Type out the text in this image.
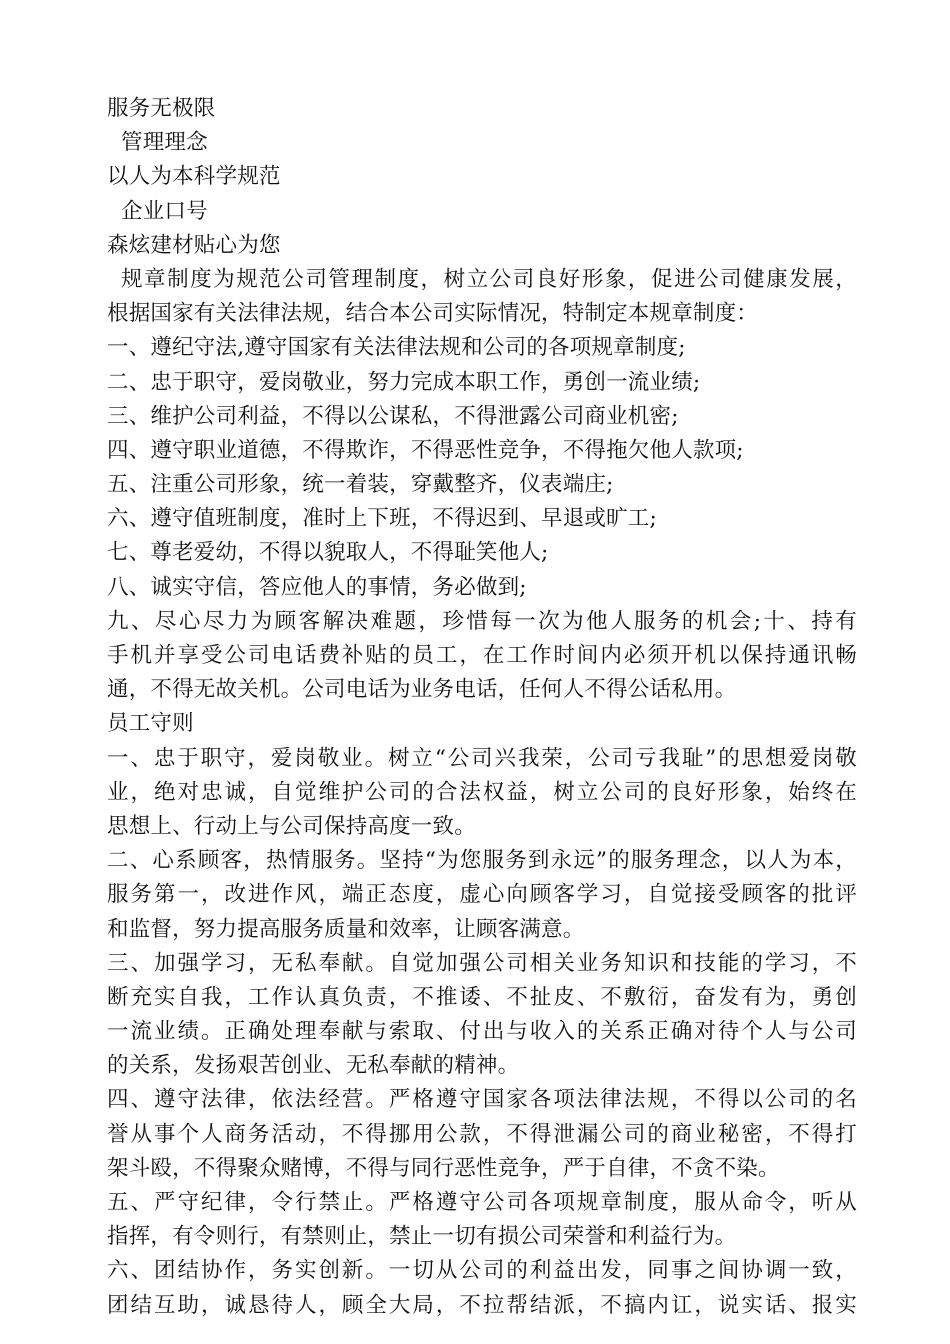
服务无极限
管理理念
以人为本科学规范
企业口号
森炫建材贴心为您
规章制度为规范公司管理制度，树立公司良好形象，促进公司健康发展，
根据国家有关法律法规，结合本公司实际情况，特制定本规章制度：
一、遵纪守法,遵守国家有关法律法规和公司的各项规章制度;
二、忠于职守，爱岗敬业，努力完成本职工作，勇创一流业绩;
三、维护公司利益，不得以公谋私，不得泄露公司商业机密;
四、遵守职业道德，不得欺诈，不得恶性竞争，不得拖欠他人款项;
五、注重公司形象，统一着装，穿戴整齐，仪表端庄;
六、遵守值班制度，准时上下班，不得迟到、早退或旷工;
七、尊老爱幼，不得以貌取人，不得耻笑他人;
八、诚实守信，答应他人的事情，务必做到;
九、尽心尽力为顾客解决难题，珍惜每一次为他人服务的机会;十、持有
手机并享受公司电话费补贴的员工，在工作时间内必须开机以保持通讯畅
通，不得无故关机。公司电话为业务电话，任何人不得公话私用。
员工守则
一、忠于职守，爱岗敬业。树立“公司兴我荣，公司亏我耻”的思想爱岗敬
业，绝对忠诚，自觉维护公司的合法权益，树立公司的良好形象，始终在
思想上、行动上与公司保持高度一致。
二、心系顾客，热情服务。坚持“为您服务到永远”的服务理念，以人为本，
服务第一，改进作风，端正态度，虚心向顾客学习，自觉接受顾客的批评
和监督，努力提高服务质量和效率，让顾客满意。
三、加强学习，无私奉献。自觉加强公司相关业务知识和技能的学习，不
断充实自我，工作认真负责，不推诿、不扯皮、不敷衍，奋发有为，勇创
一流业绩。正确处理奉献与索取、付出与收入的关系正确对待个人与公司
的关系，发扬艰苦创业、无私奉献的精神。
四、遵守法律，依法经营。严格遵守国家各项法律法规，不得以公司的名
誉从事个人商务活动，不得挪用公款，不得泄漏公司的商业秘密，不得打
架斗殴，不得聚众赌博，不得与同行恶性竞争，严于自律，不贪不染。
五、严守纪律，令行禁止。严格遵守公司各项规章制度，服从命令，听从
指挥，有令则行，有禁则止，禁止一切有损公司荣誉和利益行为。
六、团结协作，务实创新。一切从公司的利益出发，同事之间协调一致，
团结互助，诚恳待人，顾全大局，不拉帮结派，不搞内讧，说实话、报实
